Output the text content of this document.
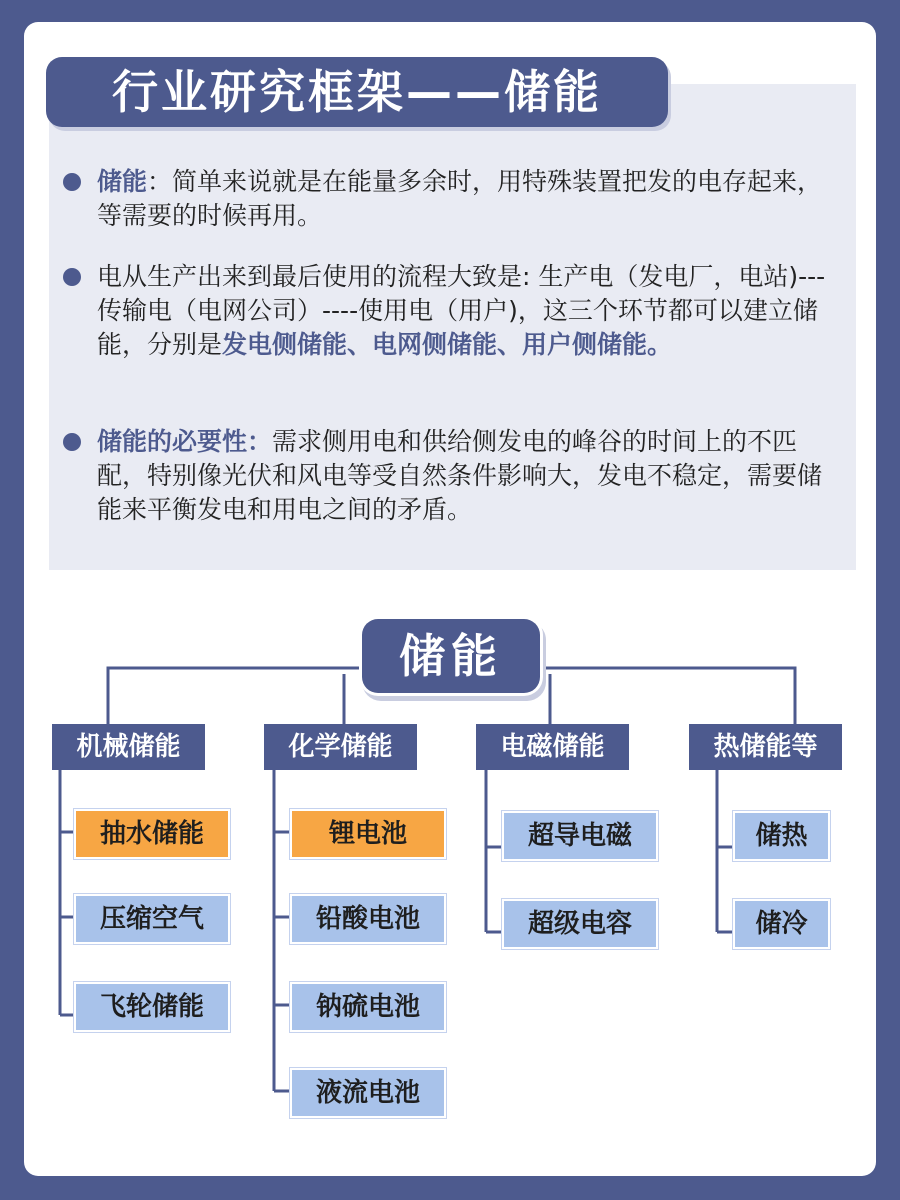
行业研究框架——储能
储能：简单来说就是在能量多余时，用特殊装置把发的电存起来，等需要的时候再用。
电从生产出来到最后使用的流程大致是: 生产电（发电厂，电站)---传输电（电网公司）----使用电（用户)，这三个环节都可以建立储能，分别是发电侧储能、电网侧储能、用户侧储能。
储能的必要性：需求侧用电和供给侧发电的峰谷的时间上的不匹配，特别像光伏和风电等受自然条件影响大，发电不稳定，需要储能来平衡发电和用电之间的矛盾。
储能
机械储能	化学储能	电磁储能	热储能等
抽水储能
压缩空气
飞轮储能
锂电池
铅酸电池
钠硫电池
液流电池
超导电磁
超级电容
储热
储冷
